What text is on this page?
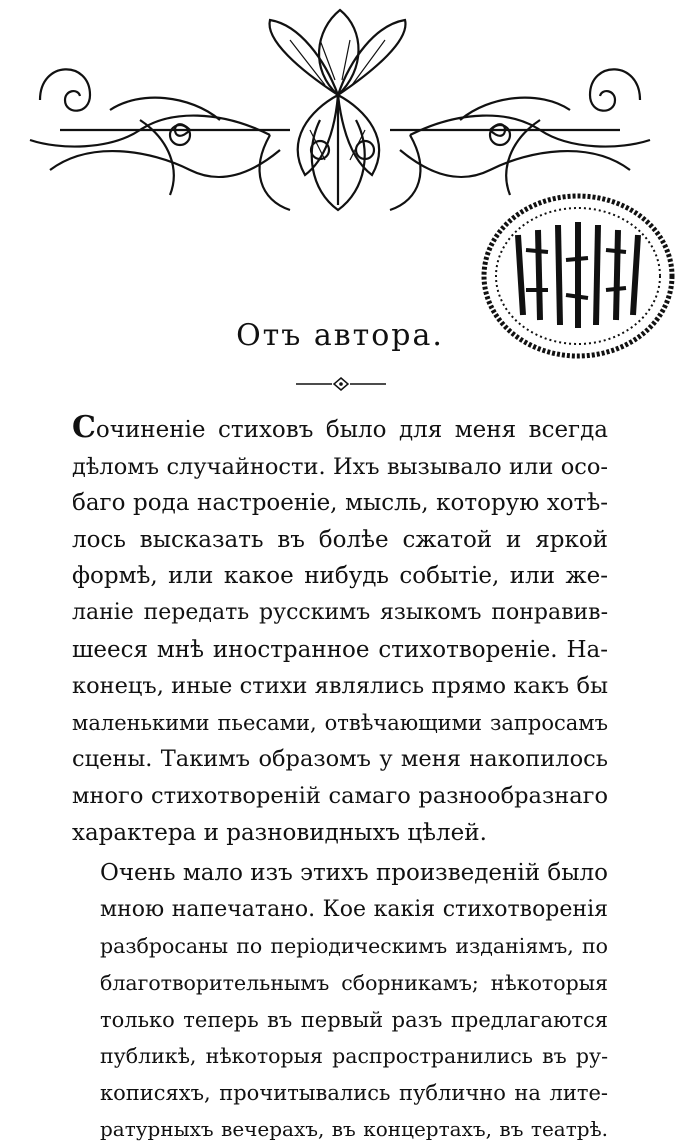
Отъ автора.

Сочиненіе стиховъ было для меня всегда
дѣломъ случайности. Ихъ вызывало или осо-
баго рода настроеніе, мысль, которую хотѣ-
лось высказать въ болѣе сжатой и яркой
формѣ, или какое нибудь событіе, или же-
ланіе передать русскимъ языкомъ понравив-
шееся мнѣ иностранное стихотвореніе. На-
конецъ, иные стихи являлись прямо какъ бы
маленькими пьесами, отвѣчающими запросамъ
сцены. Такимъ образомъ у меня накопилось
много стихотвореній самаго разнообразнаго
характера и разновидныхъ цѣлей.

Очень мало изъ этихъ произведеній было
мною напечатано. Кое какія стихотворенія
разбросаны по періодическимъ изданіямъ, по
благотворительнымъ сборникамъ; нѣкоторыя
только теперь въ первый разъ предлагаются
публикѣ, нѣкоторыя распространились въ ру-
кописяхъ, прочитывались публично на лите-
ратурныхъ вечерахъ, въ концертахъ, въ театрѣ.
